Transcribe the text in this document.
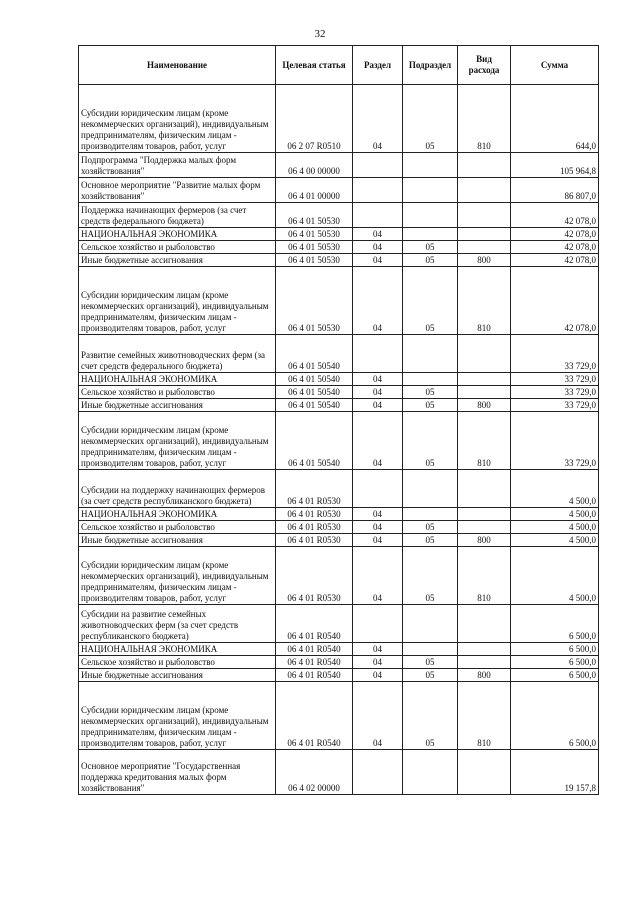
32
Наименование	Целевая статья	Раздел	Подраздел	Вид расхода	Сумма
Субсидии юридическим лицам (кроме некоммерческих организаций), индивидуальным предпринимателям, физическим лицам - производителям товаров, работ, услуг	06 2 07 R0510	04	05	810	644,0
Подпрограмма "Поддержка малых форм хозяйствования"	06 4 00 00000				105 964,8
Основное мероприятие "Развитие малых форм хозяйствования"	06 4 01 00000				86 807,0
Поддержка начинающих фермеров (за счет средств федерального бюджета)	06 4 01 50530				42 078,0
НАЦИОНАЛЬНАЯ ЭКОНОМИКА	06 4 01 50530	04			42 078,0
Сельское хозяйство и рыболовство	06 4 01 50530	04	05		42 078,0
Иные бюджетные ассигнования	06 4 01 50530	04	05	800	42 078,0
Субсидии юридическим лицам (кроме некоммерческих организаций), индивидуальным предпринимателям, физическим лицам - производителям товаров, работ, услуг	06 4 01 50530	04	05	810	42 078,0
Развитие семейных животноводческих ферм (за счет средств федерального бюджета)	06 4 01 50540				33 729,0
НАЦИОНАЛЬНАЯ ЭКОНОМИКА	06 4 01 50540	04			33 729,0
Сельское хозяйство и рыболовство	06 4 01 50540	04	05		33 729,0
Иные бюджетные ассигнования	06 4 01 50540	04	05	800	33 729,0
Субсидии юридическим лицам (кроме некоммерческих организаций), индивидуальным предпринимателям, физическим лицам - производителям товаров, работ, услуг	06 4 01 50540	04	05	810	33 729,0
Субсидии на поддержку начинающих фермеров (за счет средств республиканского бюджета)	06 4 01 R0530				4 500,0
НАЦИОНАЛЬНАЯ ЭКОНОМИКА	06 4 01 R0530	04			4 500,0
Сельское хозяйство и рыболовство	06 4 01 R0530	04	05		4 500,0
Иные бюджетные ассигнования	06 4 01 R0530	04	05	800	4 500,0
Субсидии юридическим лицам (кроме некоммерческих организаций), индивидуальным предпринимателям, физическим лицам - производителям товаров, работ, услуг	06 4 01 R0530	04	05	810	4 500,0
Субсидии на развитие семейных животноводческих ферм (за счет средств республиканского бюджета)	06 4 01 R0540				6 500,0
НАЦИОНАЛЬНАЯ ЭКОНОМИКА	06 4 01 R0540	04			6 500,0
Сельское хозяйство и рыболовство	06 4 01 R0540	04	05		6 500,0
Иные бюджетные ассигнования	06 4 01 R0540	04	05	800	6 500,0
Субсидии юридическим лицам (кроме некоммерческих организаций), индивидуальным предпринимателям, физическим лицам - производителям товаров, работ, услуг	06 4 01 R0540	04	05	810	6 500,0
Основное мероприятие "Государственная поддержка кредитования малых форм хозяйствования"	06 4 02 00000				19 157,8
